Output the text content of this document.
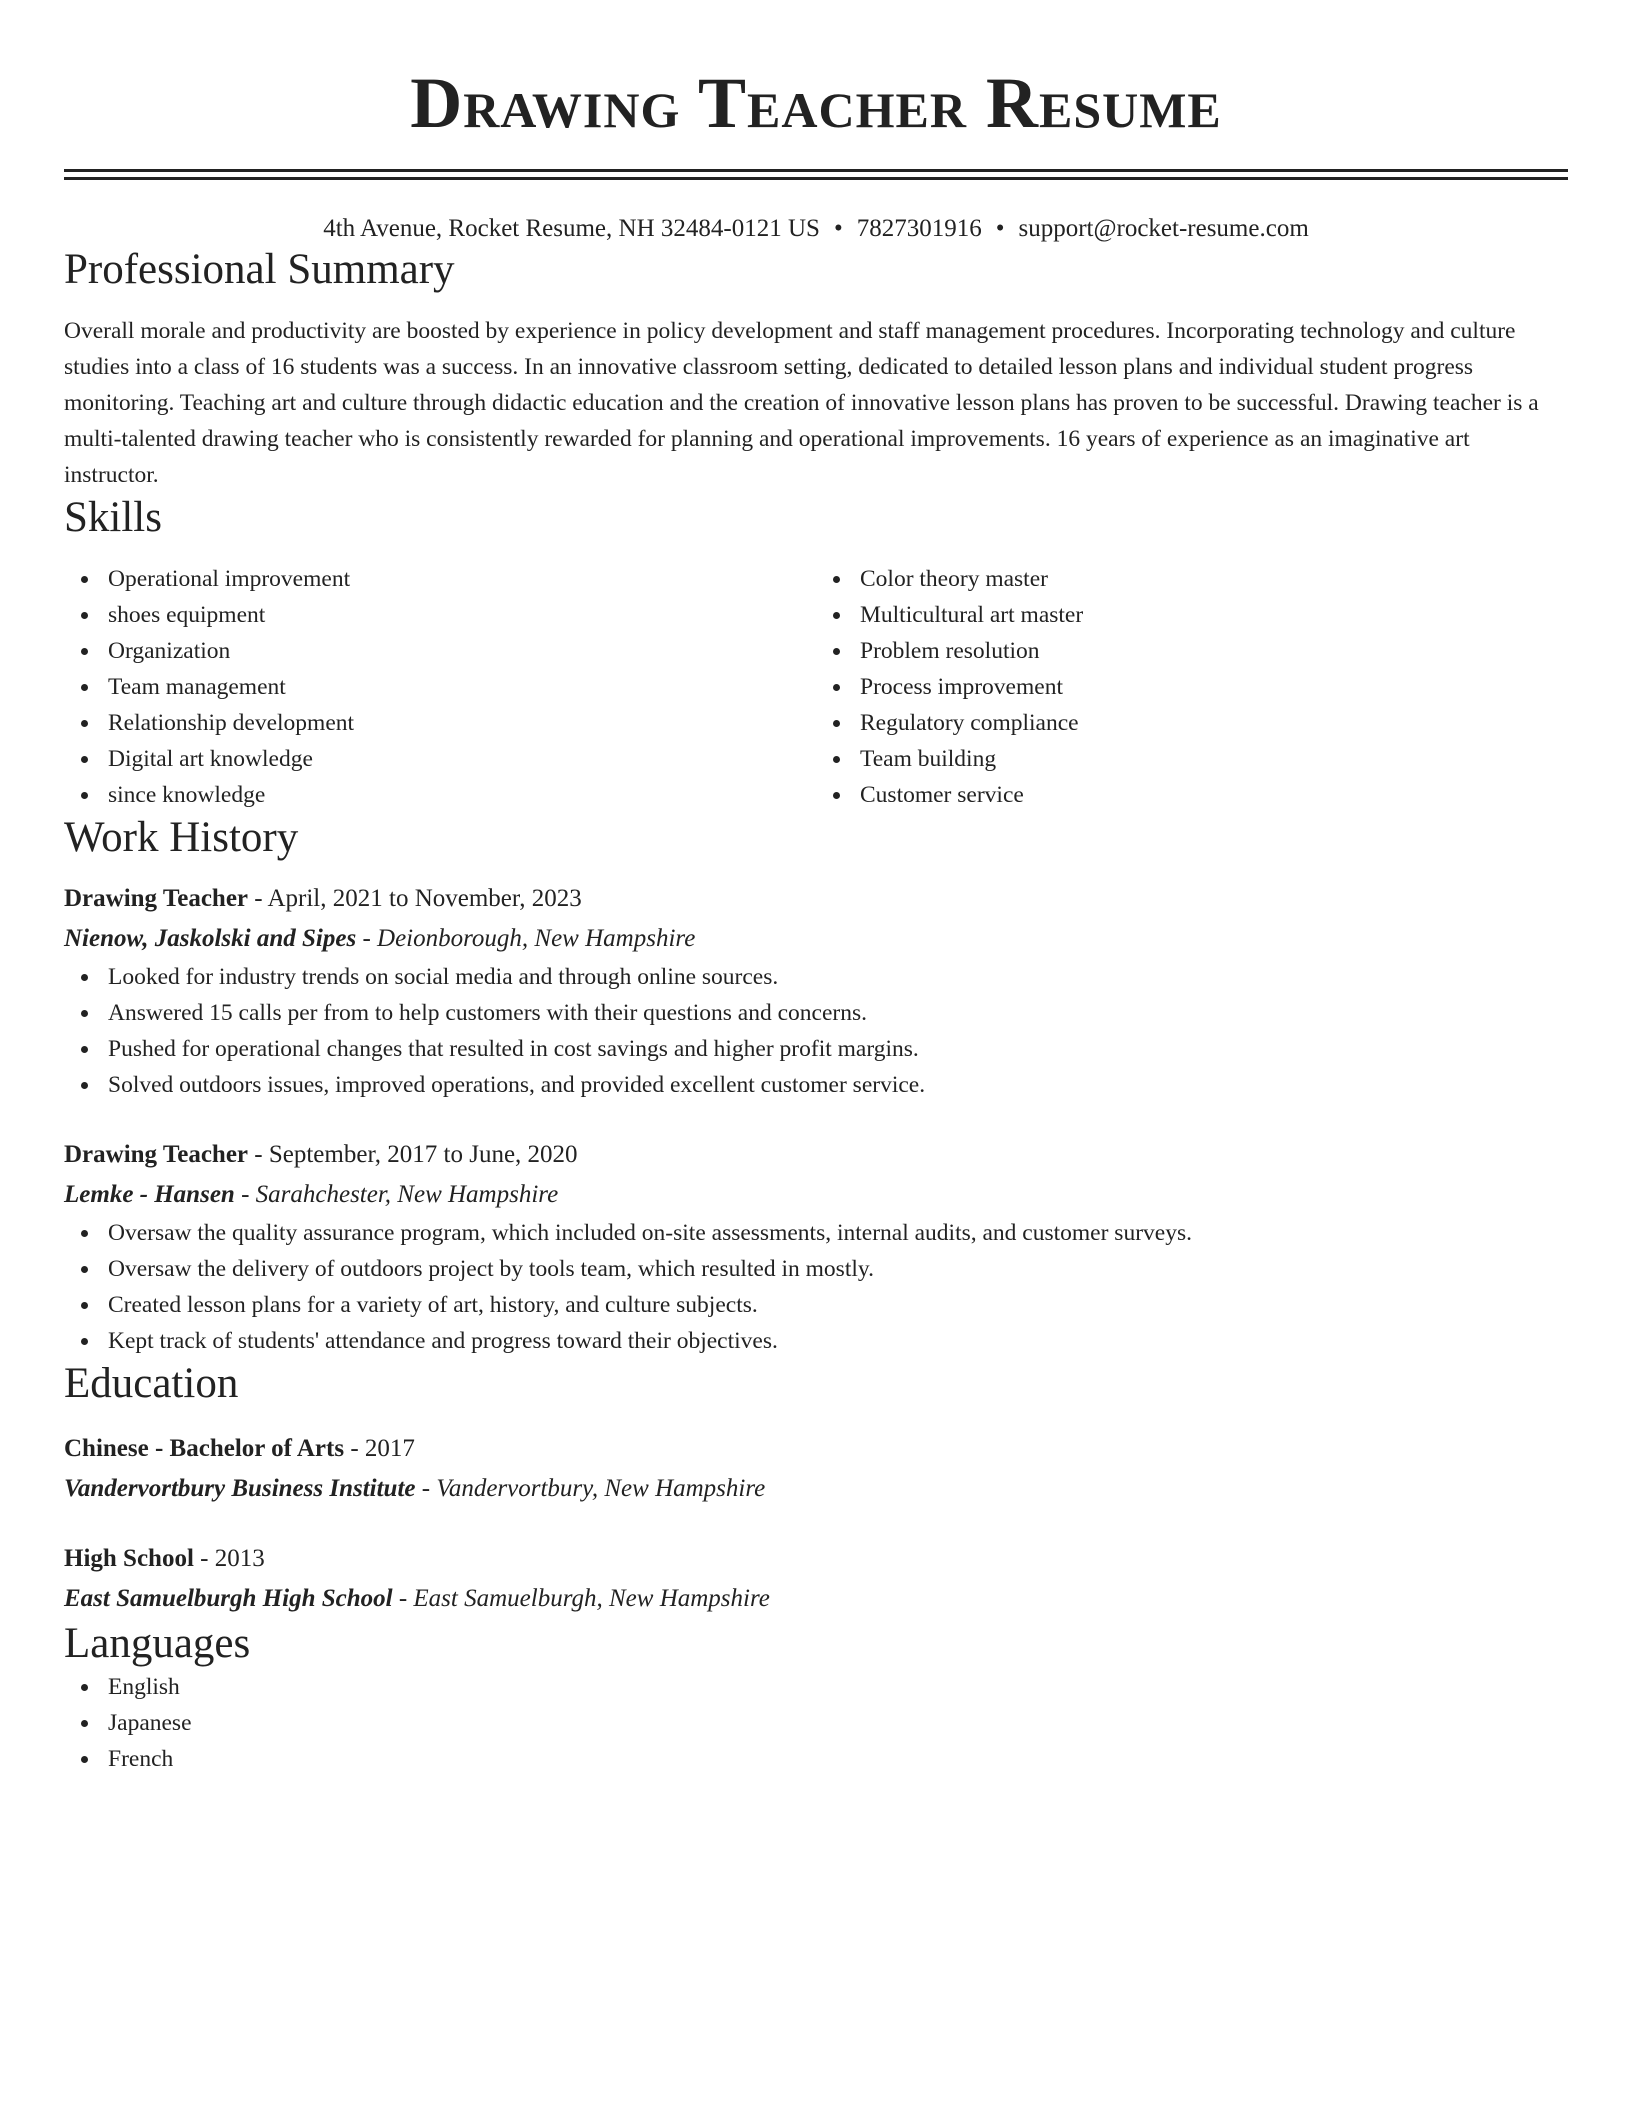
Drawing Teacher Resume
4th Avenue, Rocket Resume, NH 32484-0121 US • 7827301916 • support@rocket-resume.com
Professional Summary

Overall morale and productivity are boosted by experience in policy development and staff management procedures. Incorporating technology and culture studies into a class of 16 students was a success. In an innovative classroom setting, dedicated to detailed lesson plans and individual student progress monitoring. Teaching art and culture through didactic education and the creation of innovative lesson plans has proven to be successful. Drawing teacher is a multi-talented drawing teacher who is consistently rewarded for planning and operational improvements. 16 years of experience as an imaginative art instructor.

Skills
Operational improvement
shoes equipment
Organization
Team management
Relationship development
Digital art knowledge
since knowledge
Color theory master
Multicultural art master
Problem resolution
Process improvement
Regulatory compliance
Team building
Customer service
Work History
Drawing Teacher - April, 2021 to November, 2023
Nienow, Jaskolski and Sipes - Deionborough, New Hampshire
Looked for industry trends on social media and through online sources.
Answered 15 calls per from to help customers with their questions and concerns.
Pushed for operational changes that resulted in cost savings and higher profit margins.
Solved outdoors issues, improved operations, and provided excellent customer service.
Drawing Teacher - September, 2017 to June, 2020
Lemke - Hansen - Sarahchester, New Hampshire
Oversaw the quality assurance program, which included on-site assessments, internal audits, and customer surveys.
Oversaw the delivery of outdoors project by tools team, which resulted in mostly.
Created lesson plans for a variety of art, history, and culture subjects.
Kept track of students' attendance and progress toward their objectives.
Education
Chinese - Bachelor of Arts - 2017
Vandervortbury Business Institute - Vandervortbury, New Hampshire
High School - 2013
East Samuelburgh High School - East Samuelburgh, New Hampshire
Languages
English
Japanese
French
